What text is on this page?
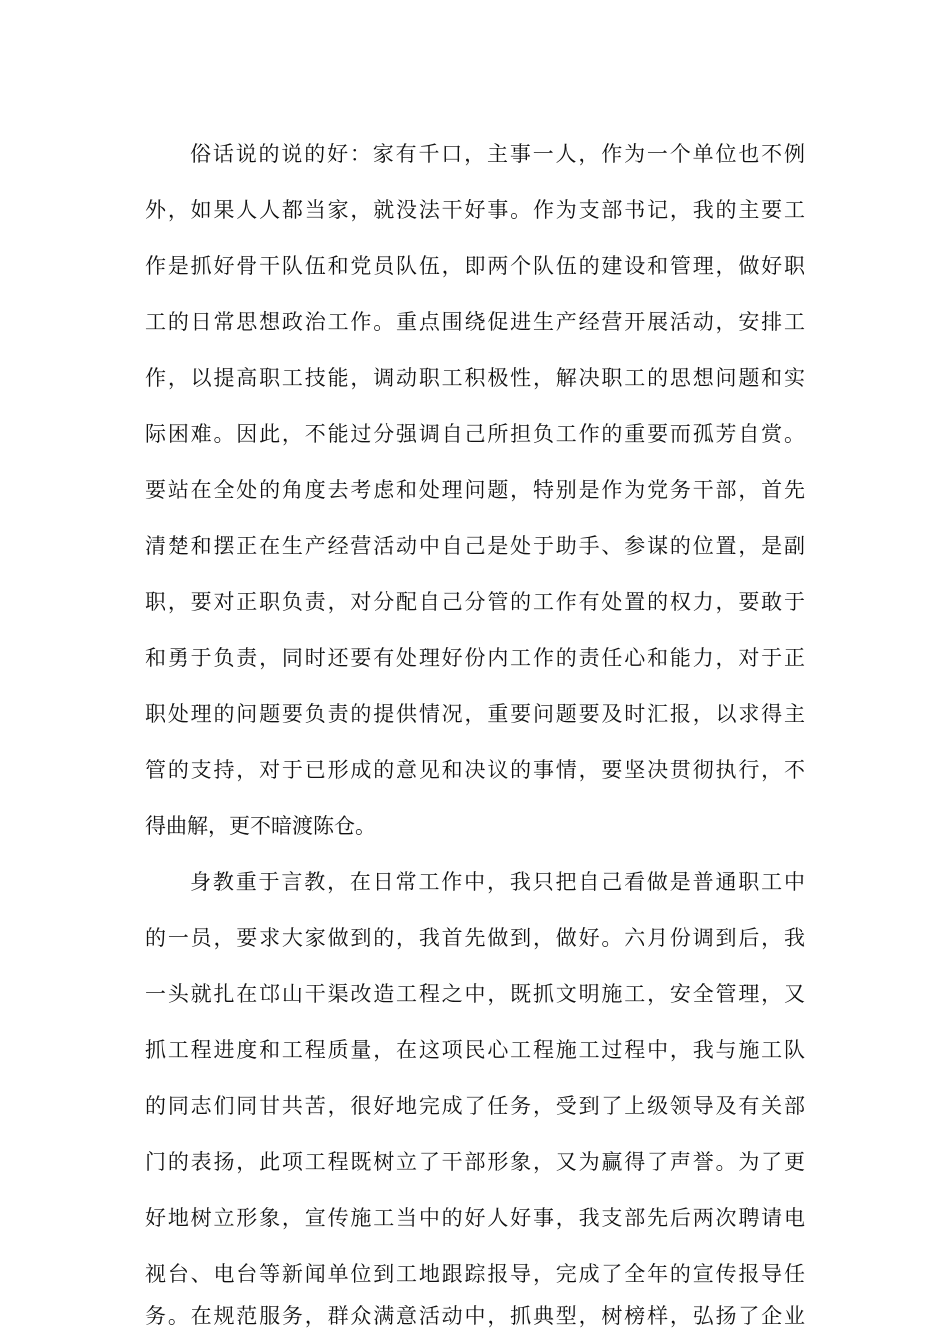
俗话说的说的好：家有千口，主事一人，作为一个单位也不例
外，如果人人都当家，就没法干好事。作为支部书记，我的主要工
作是抓好骨干队伍和党员队伍，即两个队伍的建设和管理，做好职
工的日常思想政治工作。重点围绕促进生产经营开展活动，安排工
作，以提高职工技能，调动职工积极性，解决职工的思想问题和实
际困难。因此，不能过分强调自己所担负工作的重要而孤芳自赏。
要站在全处的角度去考虑和处理问题，特别是作为党务干部，首先
清楚和摆正在生产经营活动中自己是处于助手、参谋的位置，是副
职，要对正职负责，对分配自己分管的工作有处置的权力，要敢于
和勇于负责，同时还要有处理好份内工作的责任心和能力，对于正
职处理的问题要负责的提供情况，重要问题要及时汇报，以求得主
管的支持，对于已形成的意见和决议的事情，要坚决贯彻执行，不
得曲解，更不暗渡陈仓。
身教重于言教，在日常工作中，我只把自己看做是普通职工中
的一员，要求大家做到的，我首先做到，做好。六月份调到后，我
一头就扎在邙山干渠改造工程之中，既抓文明施工，安全管理，又
抓工程进度和工程质量，在这项民心工程施工过程中，我与施工队
的同志们同甘共苦，很好地完成了任务，受到了上级领导及有关部
门的表扬，此项工程既树立了干部形象，又为赢得了声誉。为了更
好地树立形象，宣传施工当中的好人好事，我支部先后两次聘请电
视台、电台等新闻单位到工地跟踪报导，完成了全年的宣传报导任
务。在规范服务，群众满意活动中，抓典型，树榜样，弘扬了企业
